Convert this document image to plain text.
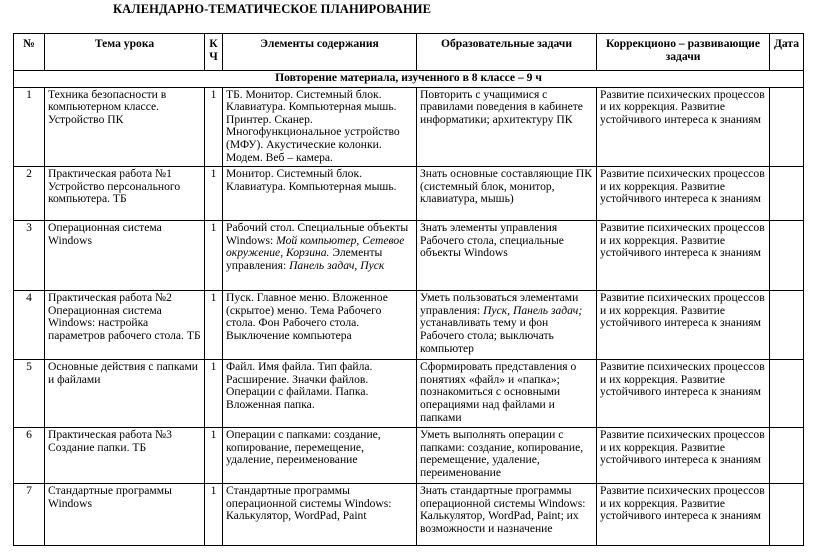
КАЛЕНДАРНО-ТЕМАТИЧЕСКОЕ ПЛАНИРОВАНИЕ
№	Тема урока	К Ч	Элементы содержания	Образовательные задачи	Коррекционо – развивающие задачи	Дата
Повторение материала, изученного в 8 классе – 9 ч						
1	Техника безопасности в компьютерном классе. Устройство ПК	1	ТБ. Монитор. Системный блок. Клавиатура. Компьютерная мышь. Принтер. Сканер. Многофункциональное устройство (МФУ). Акустические колонки. Модем. Веб – камера.	Повторить с учащимися с правилами поведения в кабинете информатики; архитектуру ПК	Развитие психических процессов и их коррекция. Развитие устойчивого интереса к знаниям	
2	Практическая работа №1 Устройство персонального компьютера. ТБ	1	Монитор. Системный блок. Клавиатура. Компьютерная мышь.	Знать основные составляющие ПК (системный блок, монитор, клавиатура, мышь)	Развитие психических процессов и их коррекция. Развитие устойчивого интереса к знаниям	
3	Операционная система Windows	1	Рабочий стол. Специальные объекты Windows: Мой компьютер, Сетевое окружение, Корзина. Элементы управления: Панель задач, Пуск	Знать элементы управления Рабочего стола, специальные объекты Windows	Развитие психических процессов и их коррекция. Развитие устойчивого интереса к знаниям	
4	Практическая работа №2 Операционная система Windows: настройка параметров рабочего стола. ТБ	1	Пуск. Главное меню. Вложенное (скрытое) меню. Тема Рабочего стола. Фон Рабочего стола. Выключение компьютера	Уметь пользоваться элементами управления: Пуск, Панель задач; устанавливать тему и фон Рабочего стола; выключать компьютер	Развитие психических процессов и их коррекция. Развитие устойчивого интереса к знаниям	
5	Основные действия с папками и файлами	1	Файл. Имя файла. Тип файла. Расширение. Значки файлов. Операции с файлами. Папка. Вложенная папка.	Сформировать представления о понятиях «файл» и «папка»; познакомиться с основными операциями над файлами и папками	Развитие психических процессов и их коррекция. Развитие устойчивого интереса к знаниям	
6	Практическая работа №3 Создание папки. ТБ	1	Операции с папками: создание, копирование, перемещение, удаление, переименование	Уметь выполнять операции с папками: создание, копирование, перемещение, удаление, переименование	Развитие психических процессов и их коррекция. Развитие устойчивого интереса к знаниям	
7	Стандартные программы Windows	1	Стандартные программы операционной системы Windows: Калькулятор, WordPad, Paint	Знать стандартные программы операционной системы Windows: Калькулятор, WordPad, Paint; их возможности и назначение	Развитие психических процессов и их коррекция. Развитие устойчивого интереса к знаниям	
